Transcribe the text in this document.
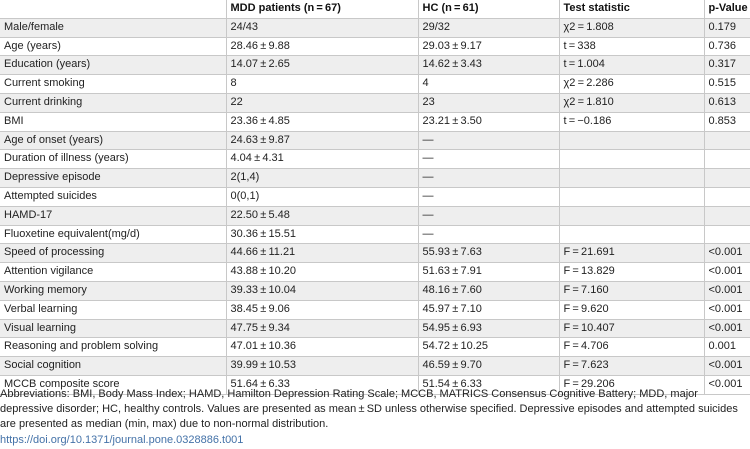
	MDD patients (n = 67)	HC (n = 61)	Test statistic	p-Value
Male/female	24/43	29/32	χ2 = 1.808	0.179
Age (years)	28.46 ± 9.88	29.03 ± 9.17	t = 338	0.736
Education (years)	14.07 ± 2.65	14.62 ± 3.43	t = 1.004	0.317
Current smoking	8	4	χ2 = 2.286	0.515
Current drinking	22	23	χ2 = 1.810	0.613
BMI	23.36 ± 4.85	23.21 ± 3.50	t = −0.186	0.853
Age of onset (years)	24.63 ± 9.87	—		
Duration of illness (years)	4.04 ± 4.31	—		
Depressive episode	2(1,4)	—		
Attempted suicides	0(0,1)	—		
HAMD-17	22.50 ± 5.48	—		
Fluoxetine equivalent(mg/d)	30.36 ± 15.51	—		
Speed of processing	44.66 ± 11.21	55.93 ± 7.63	F = 21.691	<0.001
Attention vigilance	43.88 ± 10.20	51.63 ± 7.91	F = 13.829	<0.001
Working memory	39.33 ± 10.04	48.16 ± 7.60	F = 7.160	<0.001
Verbal learning	38.45 ± 9.06	45.97 ± 7.10	F = 9.620	<0.001
Visual learning	47.75 ± 9.34	54.95 ± 6.93	F = 10.407	<0.001
Reasoning and problem solving	47.01 ± 10.36	54.72 ± 10.25	F = 4.706	0.001
Social cognition	39.99 ± 10.53	46.59 ± 9.70	F = 7.623	<0.001
MCCB composite score	51.64 ± 6.33	51.54 ± 6.33	F = 29.206	<0.001
Abbreviations: BMI, Body Mass Index; HAMD, Hamilton Depression Rating Scale; MCCB, MATRICS Consensus Cognitive Battery; MDD, major depressive disorder; HC, healthy controls. Values are presented as mean ± SD unless otherwise specified. Depressive episodes and attempted suicides are presented as median (min, max) due to non-normal distribution.
https://doi.org/10.1371/journal.pone.0328886.t001
